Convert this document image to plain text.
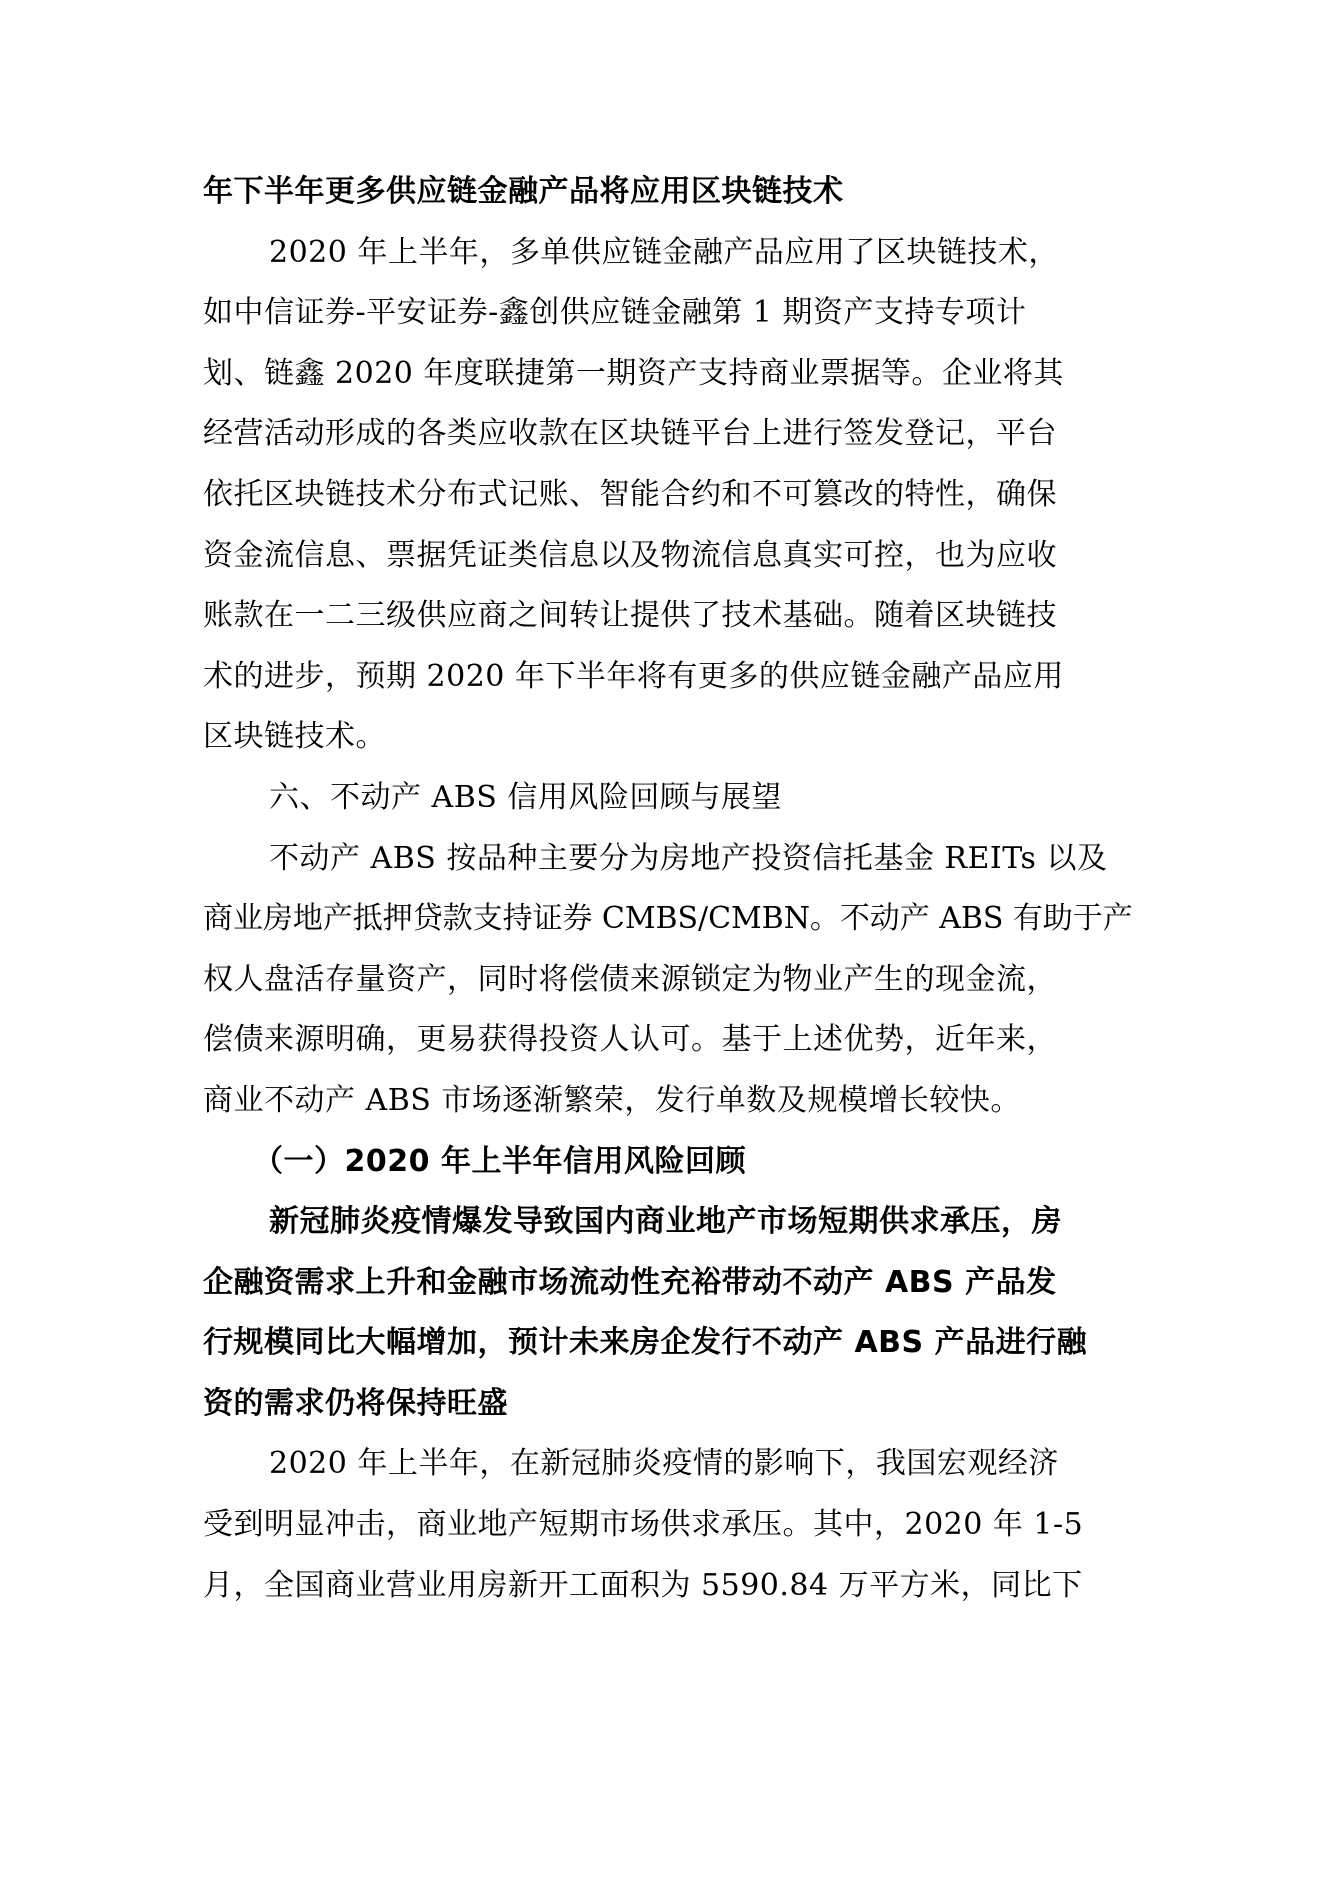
年下半年更多供应链金融产品将应用区块链技术
2020 年上半年，多单供应链金融产品应用了区块链技术，
如中信证券-平安证券-鑫创供应链金融第 1 期资产支持专项计
划、链鑫 2020 年度联捷第一期资产支持商业票据等。企业将其
经营活动形成的各类应收款在区块链平台上进行签发登记，平台
依托区块链技术分布式记账、智能合约和不可篡改的特性，确保
资金流信息、票据凭证类信息以及物流信息真实可控，也为应收
账款在一二三级供应商之间转让提供了技术基础。随着区块链技
术的进步，预期 2020 年下半年将有更多的供应链金融产品应用
区块链技术。
六、不动产 ABS 信用风险回顾与展望
不动产 ABS 按品种主要分为房地产投资信托基金 REITs 以及
商业房地产抵押贷款支持证券 CMBS/CMBN。不动产 ABS 有助于产
权人盘活存量资产，同时将偿债来源锁定为物业产生的现金流，
偿债来源明确，更易获得投资人认可。基于上述优势，近年来，
商业不动产 ABS 市场逐渐繁荣，发行单数及规模增长较快。
（一）2020 年上半年信用风险回顾
新冠肺炎疫情爆发导致国内商业地产市场短期供求承压，房
企融资需求上升和金融市场流动性充裕带动不动产 ABS 产品发
行规模同比大幅增加，预计未来房企发行不动产 ABS 产品进行融
资的需求仍将保持旺盛
2020 年上半年，在新冠肺炎疫情的影响下，我国宏观经济
受到明显冲击，商业地产短期市场供求承压。其中，2020 年 1-5
月，全国商业营业用房新开工面积为 5590.84 万平方米，同比下
